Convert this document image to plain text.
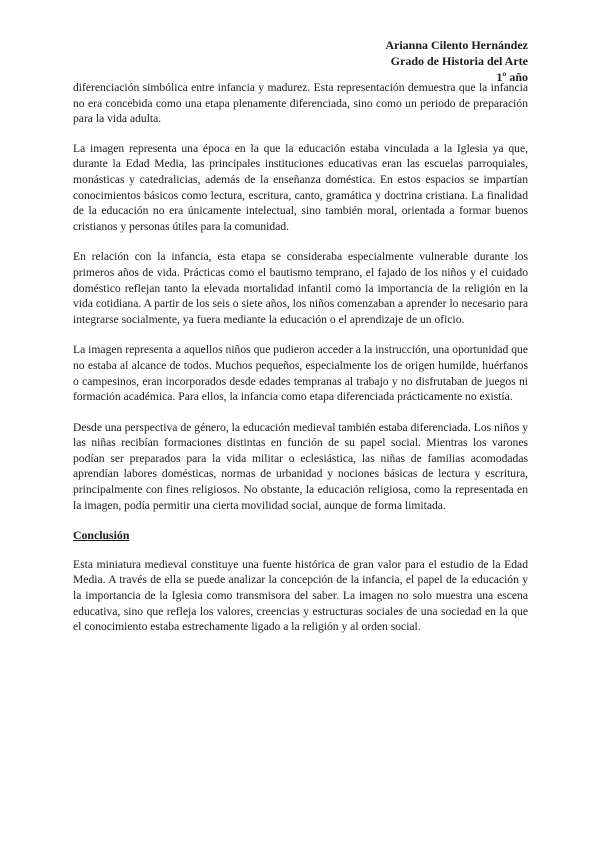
Arianna Cilento Hernández
Grado de Historia del Arte
1º año

diferenciación simbólica entre infancia y madurez. Esta representación demuestra que la infancia no era concebida como una etapa plenamente diferenciada, sino como un periodo de preparación para la vida adulta.

La imagen representa una época en la que la educación estaba vinculada a la Iglesia ya que, durante la Edad Media, las principales instituciones educativas eran las escuelas parroquiales, monásticas y catedralicias, además de la enseñanza doméstica. En estos espacios se impartían conocimientos básicos como lectura, escritura, canto, gramática y doctrina cristiana. La finalidad de la educación no era únicamente intelectual, sino también moral, orientada a formar buenos cristianos y personas útiles para la comunidad.

En relación con la infancia, esta etapa se consideraba especialmente vulnerable durante los primeros años de vida. Prácticas como el bautismo temprano, el fajado de los niños y el cuidado doméstico reflejan tanto la elevada mortalidad infantil como la importancia de la religión en la vida cotidiana. A partir de los seis o siete años, los niños comenzaban a aprender lo necesario para integrarse socialmente, ya fuera mediante la educación o el aprendizaje de un oficio.

La imagen representa a aquellos niños que pudieron acceder a la instrucción, una oportunidad que no estaba al alcance de todos. Muchos pequeños, especialmente los de origen humilde, huérfanos o campesinos, eran incorporados desde edades tempranas al trabajo y no disfrutaban de juegos ni formación académica. Para ellos, la infancia como etapa diferenciada prácticamente no existía.

Desde una perspectiva de género, la educación medieval también estaba diferenciada. Los niños y las niñas recibían formaciones distintas en función de su papel social. Mientras los varones podían ser preparados para la vida militar o eclesiástica, las niñas de familias acomodadas aprendían labores domésticas, normas de urbanidad y nociones básicas de lectura y escritura, principalmente con fines religiosos. No obstante, la educación religiosa, como la representada en la imagen, podía permitir una cierta movilidad social, aunque de forma limitada.

Conclusión

Esta miniatura medieval constituye una fuente histórica de gran valor para el estudio de la Edad Media. A través de ella se puede analizar la concepción de la infancia, el papel de la educación y la importancia de la Iglesia como transmisora del saber. La imagen no solo muestra una escena educativa, sino que refleja los valores, creencias y estructuras sociales de una sociedad en la que el conocimiento estaba estrechamente ligado a la religión y al orden social.
